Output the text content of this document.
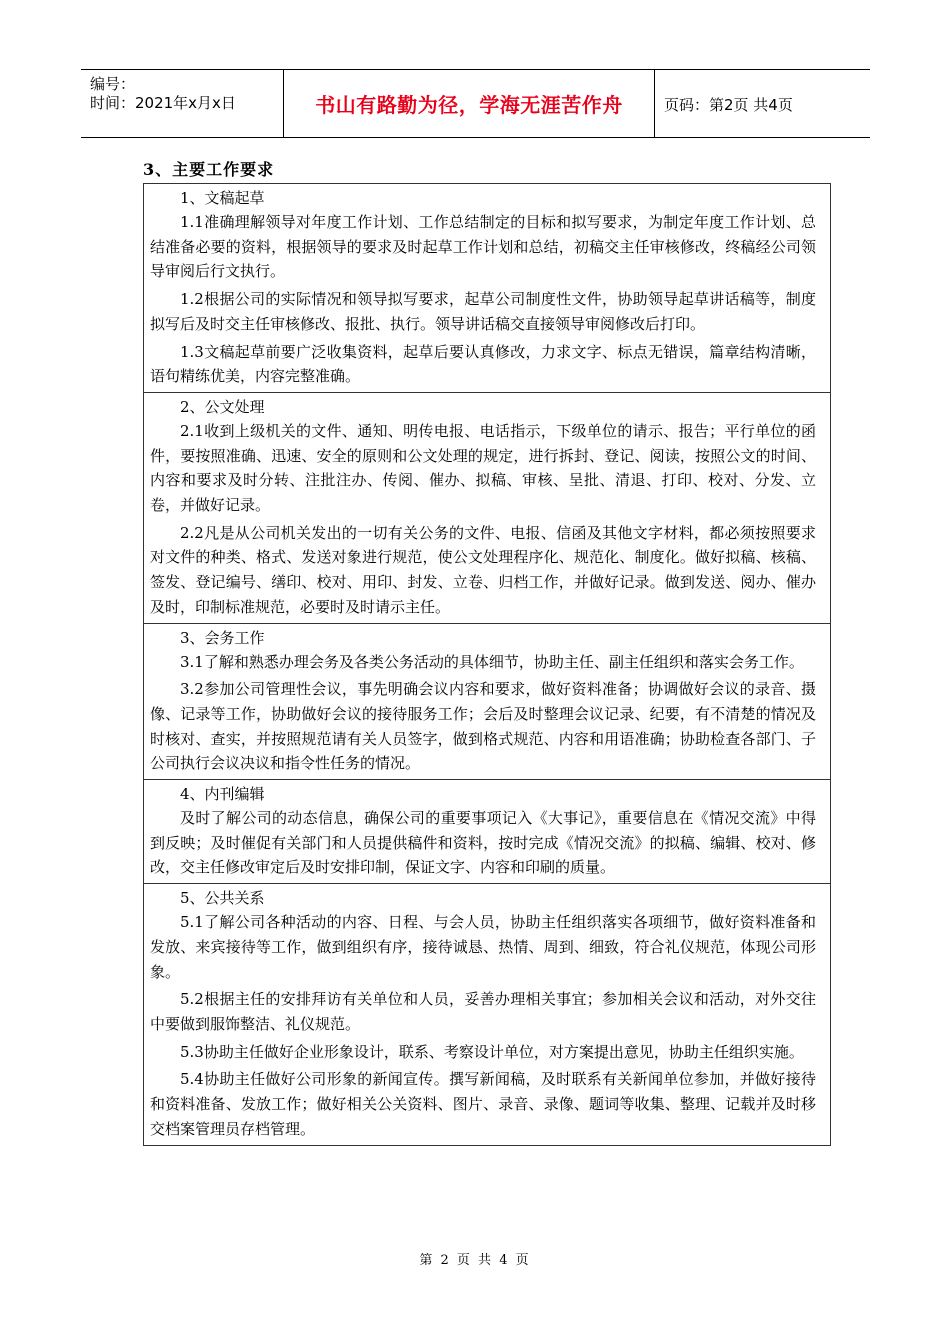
编号：
时间：2021年x月x日	书山有路勤为径，学海无涯苦作舟	页码：第2页 共4页
3、主要工作要求
1、文稿起草
1.1准确理解领导对年度工作计划、工作总结制定的目标和拟写要求，为制定年度工作计划、总结准备必要的资料，根据领导的要求及时起草工作计划和总结，初稿交主任审核修改，终稿经公司领导审阅后行文执行。
1.2根据公司的实际情况和领导拟写要求，起草公司制度性文件，协助领导起草讲话稿等，制度拟写后及时交主任审核修改、报批、执行。领导讲话稿交直接领导审阅修改后打印。
1.3文稿起草前要广泛收集资料，起草后要认真修改，力求文字、标点无错误，篇章结构清晰，语句精练优美，内容完整准确。
2、公文处理
2.1收到上级机关的文件、通知、明传电报、电话指示，下级单位的请示、报告；平行单位的函件，要按照准确、迅速、安全的原则和公文处理的规定，进行拆封、登记、阅读，按照公文的时间、内容和要求及时分转、注批注办、传阅、催办、拟稿、审核、呈批、清退、打印、校对、分发、立卷，并做好记录。
2.2凡是从公司机关发出的一切有关公务的文件、电报、信函及其他文字材料，都必须按照要求对文件的种类、格式、发送对象进行规范，使公文处理程序化、规范化、制度化。做好拟稿、核稿、签发、登记编号、缮印、校对、用印、封发、立卷、归档工作，并做好记录。做到发送、阅办、催办及时，印制标准规范，必要时及时请示主任。
3、会务工作
3.1了解和熟悉办理会务及各类公务活动的具体细节，协助主任、副主任组织和落实会务工作。
3.2参加公司管理性会议，事先明确会议内容和要求，做好资料准备；协调做好会议的录音、摄像、记录等工作，协助做好会议的接待服务工作；会后及时整理会议记录、纪要，有不清楚的情况及时核对、查实，并按照规范请有关人员签字，做到格式规范、内容和用语准确；协助检查各部门、子公司执行会议决议和指令性任务的情况。
4、内刊编辑
及时了解公司的动态信息，确保公司的重要事项记入《大事记》，重要信息在《情况交流》中得到反映；及时催促有关部门和人员提供稿件和资料，按时完成《情况交流》的拟稿、编辑、校对、修改，交主任修改审定后及时安排印制，保证文字、内容和印刷的质量。
5、公共关系
5.1了解公司各种活动的内容、日程、与会人员，协助主任组织落实各项细节，做好资料准备和发放、来宾接待等工作，做到组织有序，接待诚恳、热情、周到、细致，符合礼仪规范，体现公司形象。
5.2根据主任的安排拜访有关单位和人员，妥善办理相关事宜；参加相关会议和活动，对外交往中要做到服饰整洁、礼仪规范。
5.3协助主任做好企业形象设计，联系、考察设计单位，对方案提出意见，协助主任组织实施。
5.4协助主任做好公司形象的新闻宣传。撰写新闻稿，及时联系有关新闻单位参加，并做好接待和资料准备、发放工作；做好相关公关资料、图片、录音、录像、题词等收集、整理、记载并及时移交档案管理员存档管理。
第 2 页 共 4 页
